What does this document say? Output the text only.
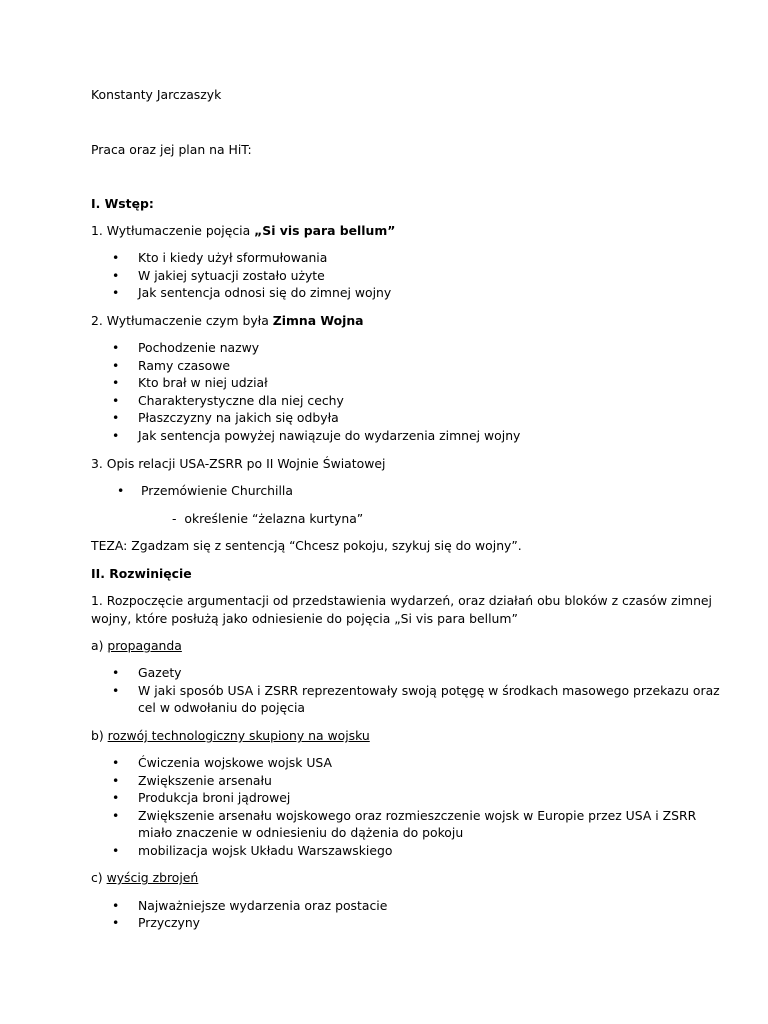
Konstanty Jarczaszyk
Praca oraz jej plan na HiT:
I. Wstęp:
1. Wytłumaczenie pojęcia „Si vis para bellum”
• Kto i kiedy użył sformułowania
• W jakiej sytuacji zostało użyte
• Jak sentencja odnosi się do zimnej wojny
2. Wytłumaczenie czym była Zimna Wojna
• Pochodzenie nazwy
• Ramy czasowe
• Kto brał w niej udział
• Charakterystyczne dla niej cechy
• Płaszczyzny na jakich się odbyła
• Jak sentencja powyżej nawiązuje do wydarzenia zimnej wojny
3. Opis relacji USA-ZSRR po II Wojnie Światowej
• Przemówienie Churchilla
-  określenie “żelazna kurtyna”
TEZA: Zgadzam się z sentencją “Chcesz pokoju, szykuj się do wojny”.
II. Rozwinięcie
1. Rozpoczęcie argumentacji od przedstawienia wydarzeń, oraz działań obu bloków z czasów zimnej
wojny, które posłużą jako odniesienie do pojęcia „Si vis para bellum”
a) propaganda
• Gazety
• W jaki sposób USA i ZSRR reprezentowały swoją potęgę w środkach masowego przekazu oraz
cel w odwołaniu do pojęcia
b) rozwój technologiczny skupiony na wojsku
• Ćwiczenia wojskowe wojsk USA
• Zwiększenie arsenału
• Produkcja broni jądrowej
• Zwiększenie arsenału wojskowego oraz rozmieszczenie wojsk w Europie przez USA i ZSRR
miało znaczenie w odniesieniu do dążenia do pokoju
• mobilizacja wojsk Układu Warszawskiego
c) wyścig zbrojeń
• Najważniejsze wydarzenia oraz postacie
• Przyczyny
